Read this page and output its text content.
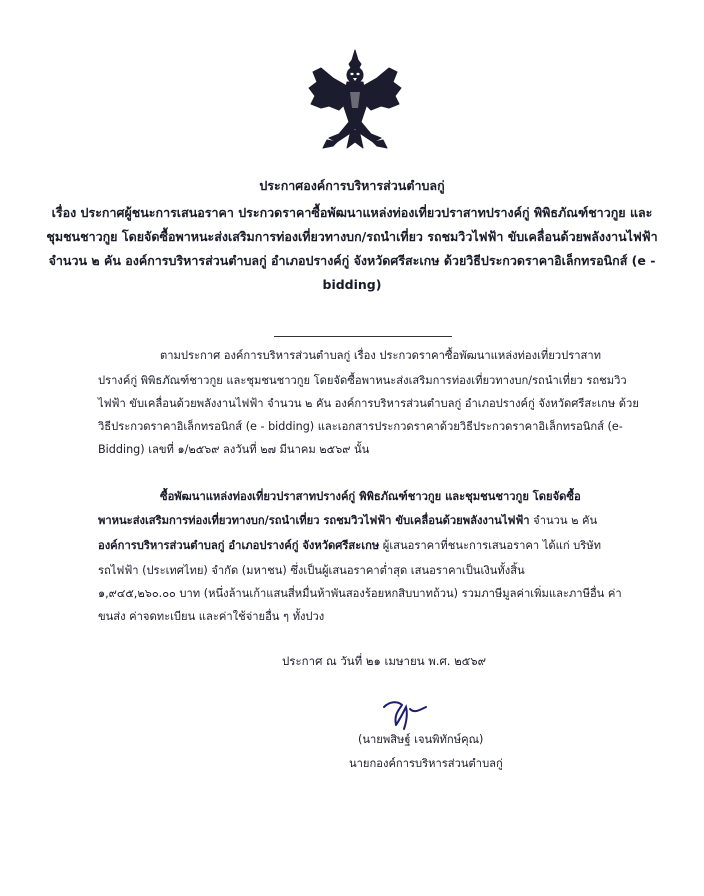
ประกาศองค์การบริหารส่วนตำบลกู่
เรื่อง ประกาศผู้ชนะการเสนอราคา ประกวดราคาซื้อพัฒนาแหล่งท่องเที่ยวปราสาทปรางค์กู่ พิพิธภัณฑ์ชาวกูย และชุมชนชาวกูย โดยจัดซื้อพาหนะส่งเสริมการท่องเที่ยวทางบก/รถนำเที่ยว รถชมวิวไฟฟ้า ขับเคลื่อนด้วยพลังงานไฟฟ้า จำนวน ๒ คัน องค์การบริหารส่วนตำบลกู่ อำเภอปรางค์กู่ จังหวัดศรีสะเกษ ด้วยวิธีประกวดราคาอิเล็กทรอนิกส์ (e - bidding)
ตามประกาศ องค์การบริหารส่วนตำบลกู่ เรื่อง ประกวดราคาซื้อพัฒนาแหล่งท่องเที่ยวปราสาท
ปรางค์กู่ พิพิธภัณฑ์ชาวกูย และชุมชนชาวกูย โดยจัดซื้อพาหนะส่งเสริมการท่องเที่ยวทางบก/รถนำเที่ยว รถชมวิว
ไฟฟ้า ขับเคลื่อนด้วยพลังงานไฟฟ้า จำนวน ๒ คัน องค์การบริหารส่วนตำบลกู่ อำเภอปรางค์กู่ จังหวัดศรีสะเกษ ด้วย
วิธีประกวดราคาอิเล็กทรอนิกส์ (e - bidding) และเอกสารประกวดราคาด้วยวิธีประกวดราคาอิเล็กทรอนิกส์ (e-
Bidding) เลขที่ ๑/๒๕๖๙ ลงวันที่ ๒๗ มีนาคม ๒๕๖๙ นั้น
ซื้อพัฒนาแหล่งท่องเที่ยวปราสาทปรางค์กู่ พิพิธภัณฑ์ชาวกูย และชุมชนชาวกูย โดยจัดซื้อ
พาหนะส่งเสริมการท่องเที่ยวทางบก/รถนำเที่ยว รถชมวิวไฟฟ้า ขับเคลื่อนด้วยพลังงานไฟฟ้า จำนวน ๒ คัน
องค์การบริหารส่วนตำบลกู่ อำเภอปรางค์กู่ จังหวัดศรีสะเกษ ผู้เสนอราคาที่ชนะการเสนอราคา ได้แก่ บริษัท
รถไฟฟ้า (ประเทศไทย) จำกัด (มหาชน) ซึ่งเป็นผู้เสนอราคาต่ำสุด เสนอราคาเป็นเงินทั้งสิ้น
๑,๙๔๕,๒๖๐.๐๐ บาท (หนึ่งล้านเก้าแสนสี่หมื่นห้าพันสองร้อยหกสิบบาทถ้วน) รวมภาษีมูลค่าเพิ่มและภาษีอื่น ค่า
ขนส่ง ค่าจดทะเบียน และค่าใช้จ่ายอื่น ๆ ทั้งปวง
ประกาศ ณ วันที่ ๒๑ เมษายน พ.ศ. ๒๕๖๙
(นายพสิษฐ์ เจนพิทักษ์คุณ)
นายกองค์การบริหารส่วนตำบลกู่
